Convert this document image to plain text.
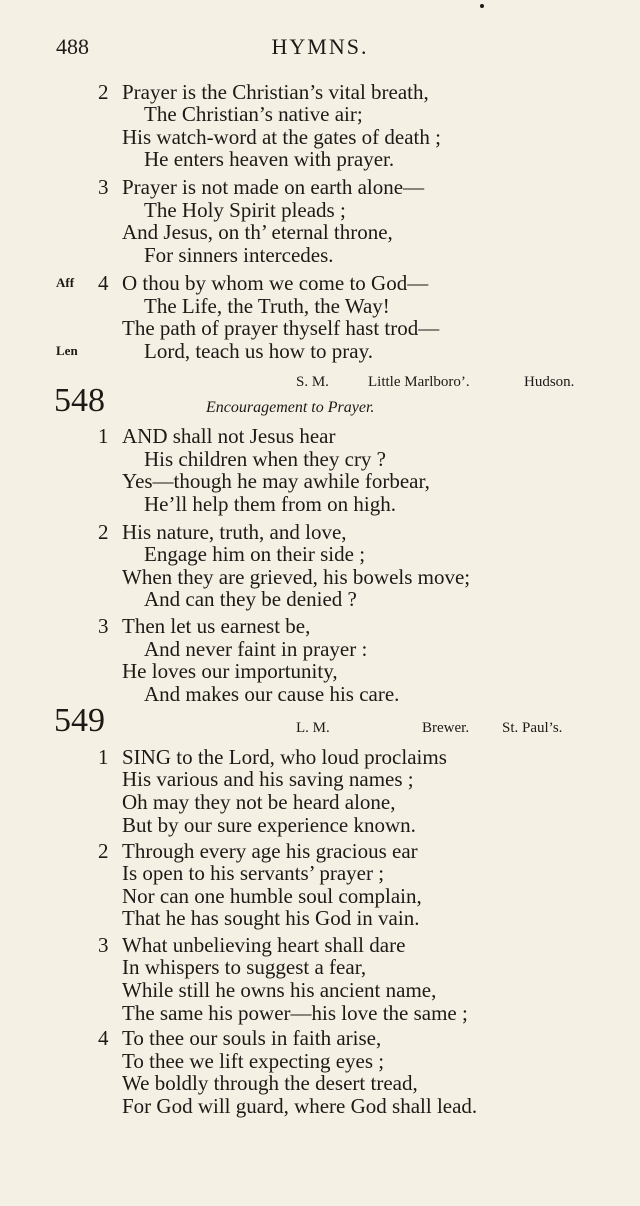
488	HYMNS.
2 Prayer is the Christian’s vital breath,
The Christian’s native air;
His watch-word at the gates of death ;
He enters heaven with prayer.
3 Prayer is not made on earth alone—
The Holy Spirit pleads ;
And Jesus, on th’ eternal throne,
For sinners intercedes.
Aff 4 O thou by whom we come to God—
The Life, the Truth, the Way!
The path of prayer thyself hast trod—
Len	Lord, teach us how to pray.
S. M.	Little Marlboro’.	Hudson.
548	Encouragement to Prayer.
1 AND shall not Jesus hear
His children when they cry ?
Yes—though he may awhile forbear,
He’ll help them from on high.
2 His nature, truth, and love,
Engage him on their side ;
When they are grieved, his bowels move;
And can they be denied ?
3 Then let us earnest be,
And never faint in prayer :
He loves our importunity,
And makes our cause his care.
549	L. M.	Brewer. St. Paul’s.
1 SING to the Lord, who loud proclaims
His various and his saving names ;
Oh may they not be heard alone,
But by our sure experience known.
2 Through every age his gracious ear
Is open to his servants’ prayer ;
Nor can one humble soul complain,
That he has sought his God in vain.
3 What unbelieving heart shall dare
In whispers to suggest a fear,
While still he owns his ancient name,
The same his power—his love the same ;
4 To thee our souls in faith arise,
To thee we lift expecting eyes ;
We boldly through the desert tread,
For God will guard, where God shall lead.
